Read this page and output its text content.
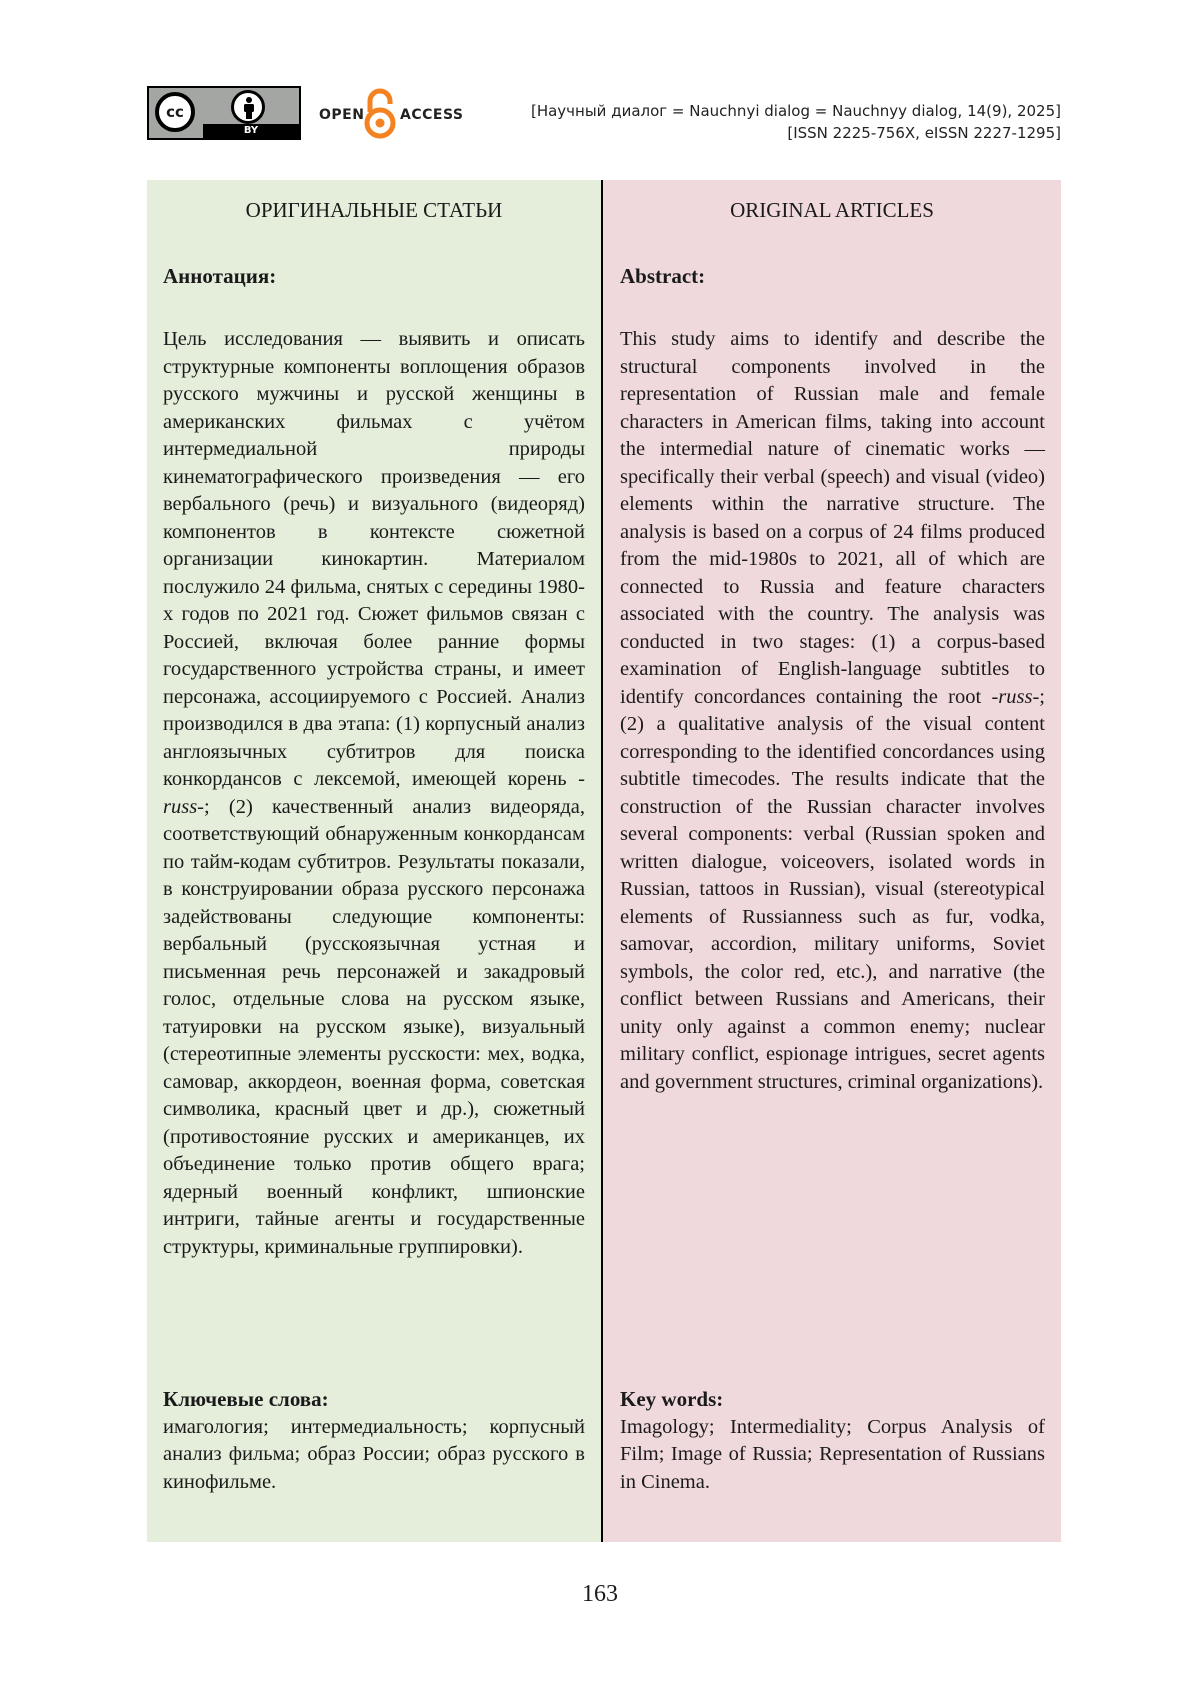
cc
BY
OPEN	ACCESS	[Научный диалог = Nauchnyi dialog = Nauchnyy dialog, 14(9), 2025]
[ISSN 2225-756X, eISSN 2227-1295]
ОРИГИНАЛЬНЫЕ СТАТЬИ
Аннотация:

Цель исследования — выявить и описать структурные компоненты воплощения образов русского мужчины и русской женщины в американских фильмах с учётом интермедиальной природы кинематографического произведения — его вербального (речь) и визуального (видеоряд) компонентов в контексте сюжетной организации кинокартин. Материалом послужило 24 фильма, снятых с середины 1980-х годов по 2021 год. Сюжет фильмов связан с Россией, включая более ранние формы государственного устройства страны, и имеет персонажа, ассоциируемого с Россией. Анализ производился в два этапа: (1) корпусный анализ англоязычных субтитров для поиска конкордансов с лексемой, имеющей корень -russ-; (2) качественный анализ видеоряда, соответствующий обнаруженным конкордансам по тайм-кодам субтитров. Результаты показали, в конструировании образа русского персонажа задействованы следующие компоненты: вербальный (русскоязычная устная и письменная речь персонажей и закадровый голос, отдельные слова на русском языке, татуировки на русском языке), визуальный (стереотипные элементы русскости: мех, водка, самовар, аккордеон, военная форма, советская символика, красный цвет и др.), сюжетный (противостояние русских и американцев, их объединение только против общего врага; ядерный военный конфликт, шпионские интриги, тайные агенты и государственные структуры, криминальные группировки).

Ключевые слова:
имагология; интермедиальность; корпусный анализ фильма; образ России; образ русского в кинофильме.
ORIGINAL ARTICLES
Abstract:

This study aims to identify and describe the structural components involved in the representation of Russian male and female characters in American films, taking into account the intermedial nature of cinematic works — specifically their verbal (speech) and visual (video) elements within the narrative structure. The analysis is based on a corpus of 24 films produced from the mid-1980s to 2021, all of which are connected to Russia and feature characters associated with the country. The analysis was conducted in two stages: (1) a corpus-based examination of English-language subtitles to identify concordances containing the root -russ-; (2) a qualitative analysis of the visual content corresponding to the identified concordances using subtitle timecodes. The results indicate that the construction of the Russian character involves several components: verbal (Russian spoken and written dialogue, voiceovers, isolated words in Russian, tattoos in Russian), visual (stereotypical elements of Russianness such as fur, vodka, samovar, accordion, military uniforms, Soviet symbols, the color red, etc.), and narrative (the conflict between Russians and Americans, their unity only against a common enemy; nuclear military conflict, espionage intrigues, secret agents and government structures, criminal organizations).

Key words:
Imagology; Intermediality; Corpus Analysis of Film; Image of Russia; Representation of Russians in Cinema.
163
